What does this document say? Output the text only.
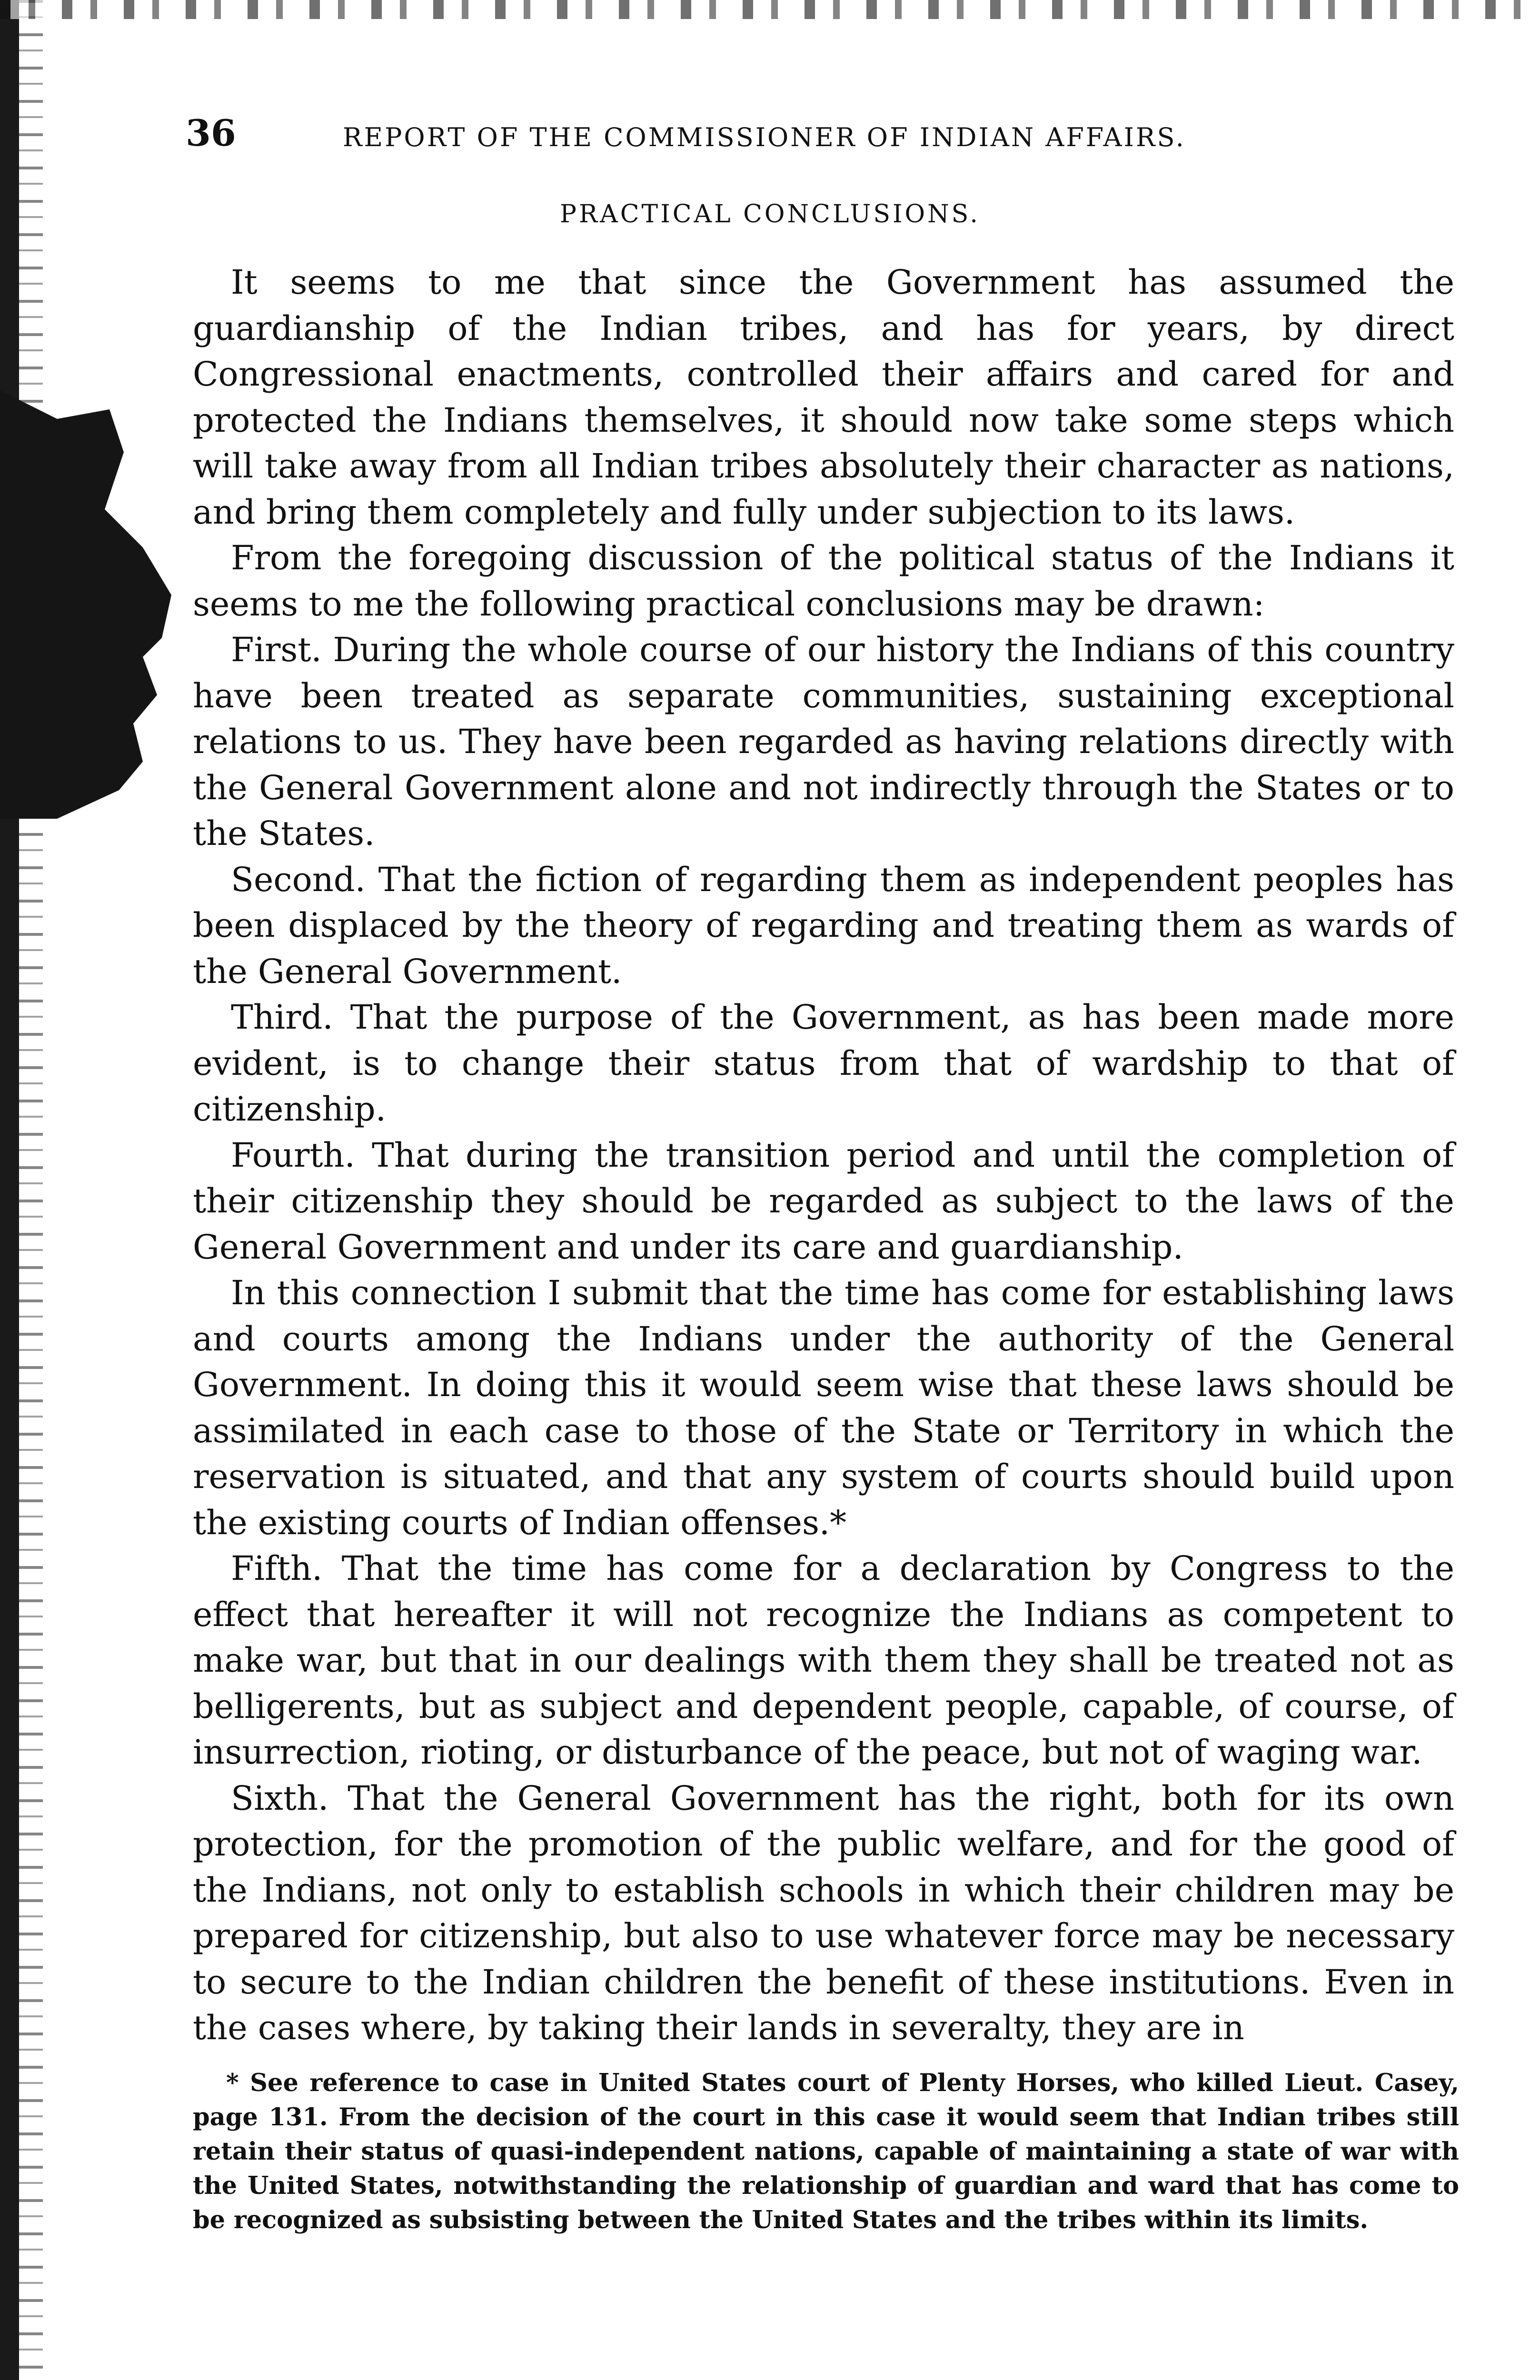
36	REPORT OF THE COMMISSIONER OF INDIAN AFFAIRS.
PRACTICAL CONCLUSIONS.

It seems to me that since the Government has assumed the guardianship of the Indian tribes, and has for years, by direct Congressional enactments, controlled their affairs and cared for and protected the Indians themselves, it should now take some steps which will take away from all Indian tribes absolutely their character as nations, and bring them completely and fully under subjection to its laws.

From the foregoing discussion of the political status of the Indians it seems to me the following practical conclusions may be drawn:

First. During the whole course of our history the Indians of this country have been treated as separate communities, sustaining exceptional relations to us. They have been regarded as having relations directly with the General Government alone and not indirectly through the States or to the States.

Second. That the fiction of regarding them as independent peoples has been displaced by the theory of regarding and treating them as wards of the General Government.

Third. That the purpose of the Government, as has been made more evident, is to change their status from that of wardship to that of citizenship.

Fourth. That during the transition period and until the completion of their citizenship they should be regarded as subject to the laws of the General Government and under its care and guardianship.

In this connection I submit that the time has come for establishing laws and courts among the Indians under the authority of the General Government. In doing this it would seem wise that these laws should be assimilated in each case to those of the State or Territory in which the reservation is situated, and that any system of courts should build upon the existing courts of Indian offenses.*

Fifth. That the time has come for a declaration by Congress to the effect that hereafter it will not recognize the Indians as competent to make war, but that in our dealings with them they shall be treated not as belligerents, but as subject and dependent people, capable, of course, of insurrection, rioting, or disturbance of the peace, but not of waging war.

Sixth. That the General Government has the right, both for its own protection, for the promotion of the public welfare, and for the good of the Indians, not only to establish schools in which their children may be prepared for citizenship, but also to use whatever force may be necessary to secure to the Indian children the benefit of these institutions. Even in the cases where, by taking their lands in severalty, they are in

* See reference to case in United States court of Plenty Horses, who killed Lieut. Casey, page 131. From the decision of the court in this case it would seem that Indian tribes still retain their status of quasi-independent nations, capable of maintaining a state of war with the United States, notwithstanding the relationship of guardian and ward that has come to be recognized as subsisting between the United States and the tribes within its limits.
